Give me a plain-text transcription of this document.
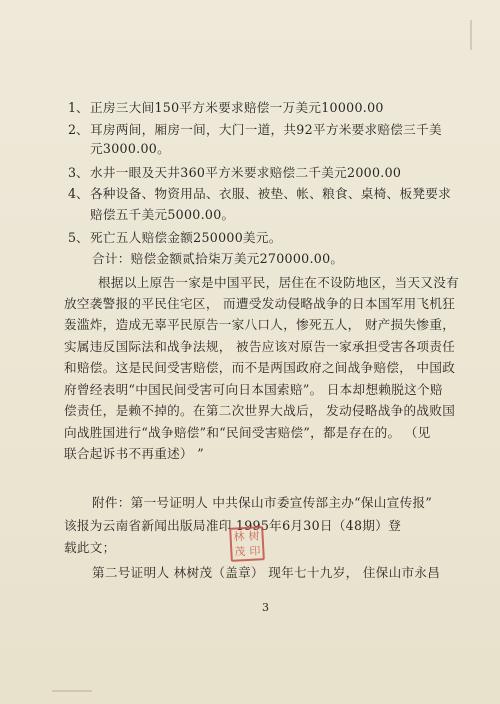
1、 正房三大间150平方米要求赔偿一万美元10000.00
2、 耳房两间，厢房一间，大门一道，共92平方米要求赔偿三千美
元3000.00。
3、 水井一眼及天井360平方米要求赔偿二千美元2000.00
4、 各种设备、物资用品、衣服、被垫、帐、粮食、桌椅、板凳要求
赔偿五千美元5000.00。
5、 死亡五人赔偿金额250000美元。
合计：赔偿金额贰拾柒万美元270000.00。
根据以上原告一家是中国平民，居住在不设防地区，当天又没有
放空袭警报的平民住宅区， 而遭受发动侵略战争的日本国军用飞机狂
轰滥炸，造成无辜平民原告一家八口人，惨死五人， 财产损失惨重，
实属违反国际法和战争法规， 被告应该对原告一家承担受害各项责任
和赔偿。这是民间受害赔偿，而不是两国政府之间战争赔偿， 中国政
府曾经表明“中国民间受害可向日本国索赔”。 日本却想赖脱这个赔
偿责任，是赖不掉的。在第二次世界大战后， 发动侵略战争的战败国
向战胜国进行“战争赔偿”和“民间受害赔偿”，都是存在的。 （见
联合起诉书不再重述） ”
附件：第一号证明人 中共保山市委宣传部主办“保山宣传报”
该报为云南省新闻出版局准印 1995年6月30日（48期）登
载此文；
第二号证明人 林树茂（盖章） 现年七十九岁， 住保山市永昌
林 树
茂 印
3
